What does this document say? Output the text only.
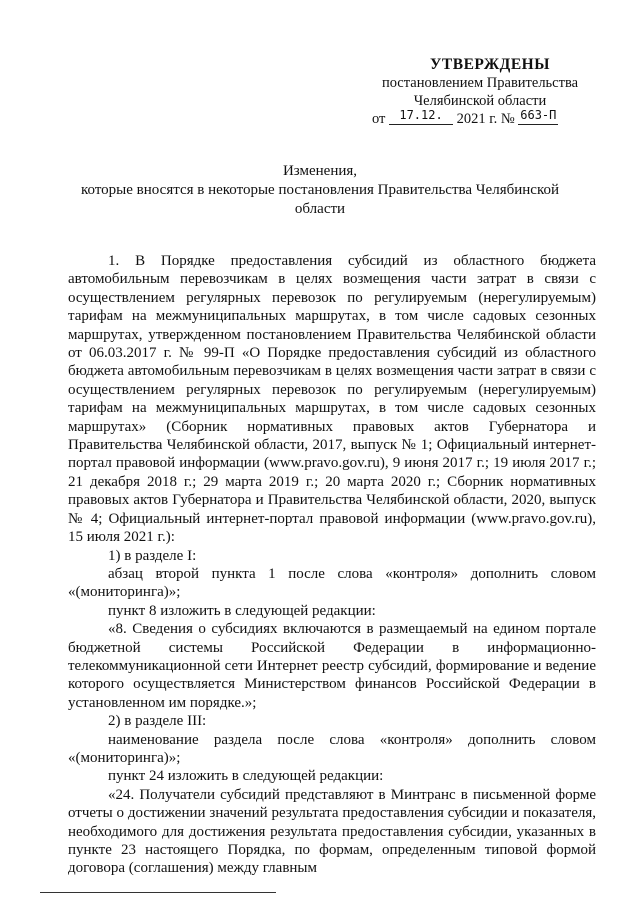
УТВЕРЖДЕНЫ
постановлением Правительства
Челябинской области
от 17.12. 2021 г. № 663-П
Изменения,
которые вносятся в некоторые постановления Правительства Челябинской
области

1. В Порядке предоставления субсидий из областного бюджета автомобильным перевозчикам в целях возмещения части затрат в связи с осуществлением регулярных перевозок по регулируемым (нерегулируемым) тарифам на межмуниципальных маршрутах, в том числе садовых сезонных маршрутах, утвержденном постановлением Правительства Челябинской области от 06.03.2017 г. № 99-П «О Порядке предоставления субсидий из областного бюджета автомобильным перевозчикам в целях возмещения части затрат в связи с осуществлением регулярных перевозок по регулируемым (нерегулируемым) тарифам на межмуниципальных маршрутах, в том числе садовых сезонных маршрутах» (Сборник нормативных правовых актов Губернатора и Правительства Челябинской области, 2017, выпуск № 1; Официальный интернет-портал правовой информации (www.pravo.gov.ru), 9 июня 2017 г.; 19 июля 2017 г.; 21 декабря 2018 г.; 29 марта 2019 г.; 20 марта 2020 г.; Сборник нормативных правовых актов Губернатора и Правительства Челябинской области, 2020, выпуск № 4; Официальный интернет-портал правовой информации (www.pravo.gov.ru), 15 июля 2021 г.):

1) в разделе I:

абзац второй пункта 1 после слова «контроля» дополнить словом «(мониторинга)»;

пункт 8 изложить в следующей редакции:

«8. Сведения о субсидиях включаются в размещаемый на едином портале бюджетной системы Российской Федерации в информационно-телекоммуникационной сети Интернет реестр субсидий, формирование и ведение которого осуществляется Министерством финансов Российской Федерации в установленном им порядке.»;

2) в разделе III:

наименование раздела после слова «контроля» дополнить словом «(мониторинга)»;

пункт 24 изложить в следующей редакции:

«24. Получатели субсидий представляют в Минтранс в письменной форме отчеты о достижении значений результата предоставления субсидии и показателя, необходимого для достижения результата предоставления субсидии, указанных в пункте 23 настоящего Порядка, по формам, определенным типовой формой договора (соглашения) между главным
